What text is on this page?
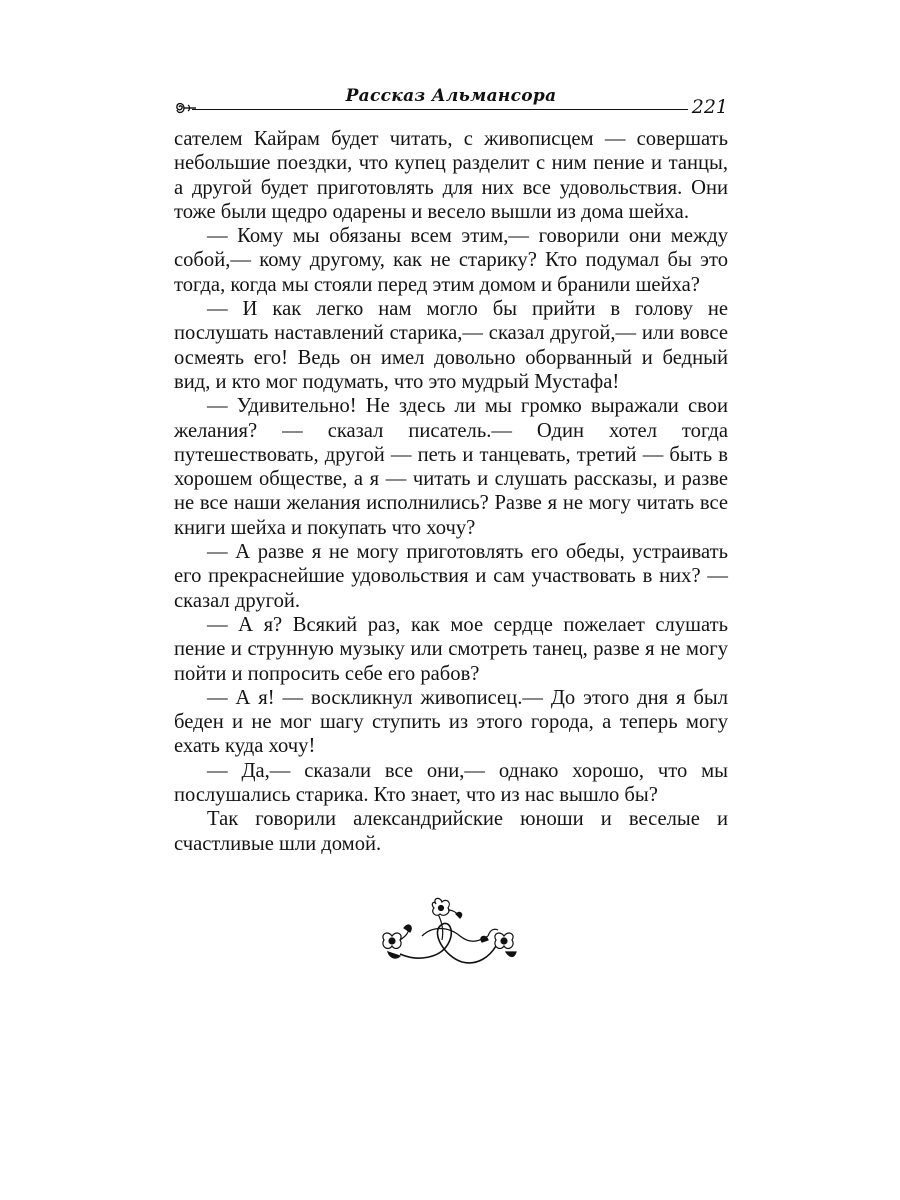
Рассказ Альмансора	221

сателем Кайрам будет читать, с живописцем — совершать небольшие поездки, что купец разделит с ним пение и танцы, а другой будет приготовлять для них все удовольствия. Они тоже были щедро одарены и весело вышли из дома шейха.

— Кому мы обязаны всем этим,— говорили они между собой,— кому другому, как не старику? Кто подумал бы это тогда, когда мы стояли перед этим домом и бранили шейха?

— И как легко нам могло бы прийти в голову не послушать наставлений старика,— сказал другой,— или вовсе осмеять его! Ведь он имел довольно оборванный и бедный вид, и кто мог подумать, что это мудрый Мустафа!

— Удивительно! Не здесь ли мы громко выражали свои желания? — сказал писатель.— Один хотел тогда путешествовать, другой — петь и танцевать, третий — быть в хорошем обществе, а я — читать и слушать рассказы, и разве не все наши желания исполнились? Разве я не могу читать все книги шейха и покупать что хочу?

— А разве я не могу приготовлять его обеды, устраивать его прекраснейшие удовольствия и сам участвовать в них? — сказал другой.

— А я? Всякий раз, как мое сердце пожелает слушать пение и струнную музыку или смотреть танец, разве я не могу пойти и попросить себе его рабов?

— А я! — воскликнул живописец.— До этого дня я был беден и не мог шагу ступить из этого города, а теперь могу ехать куда хочу!

— Да,— сказали все они,— однако хорошо, что мы послушались старика. Кто знает, что из нас вышло бы?

Так говорили александрийские юноши и веселые и счастливые шли домой.
